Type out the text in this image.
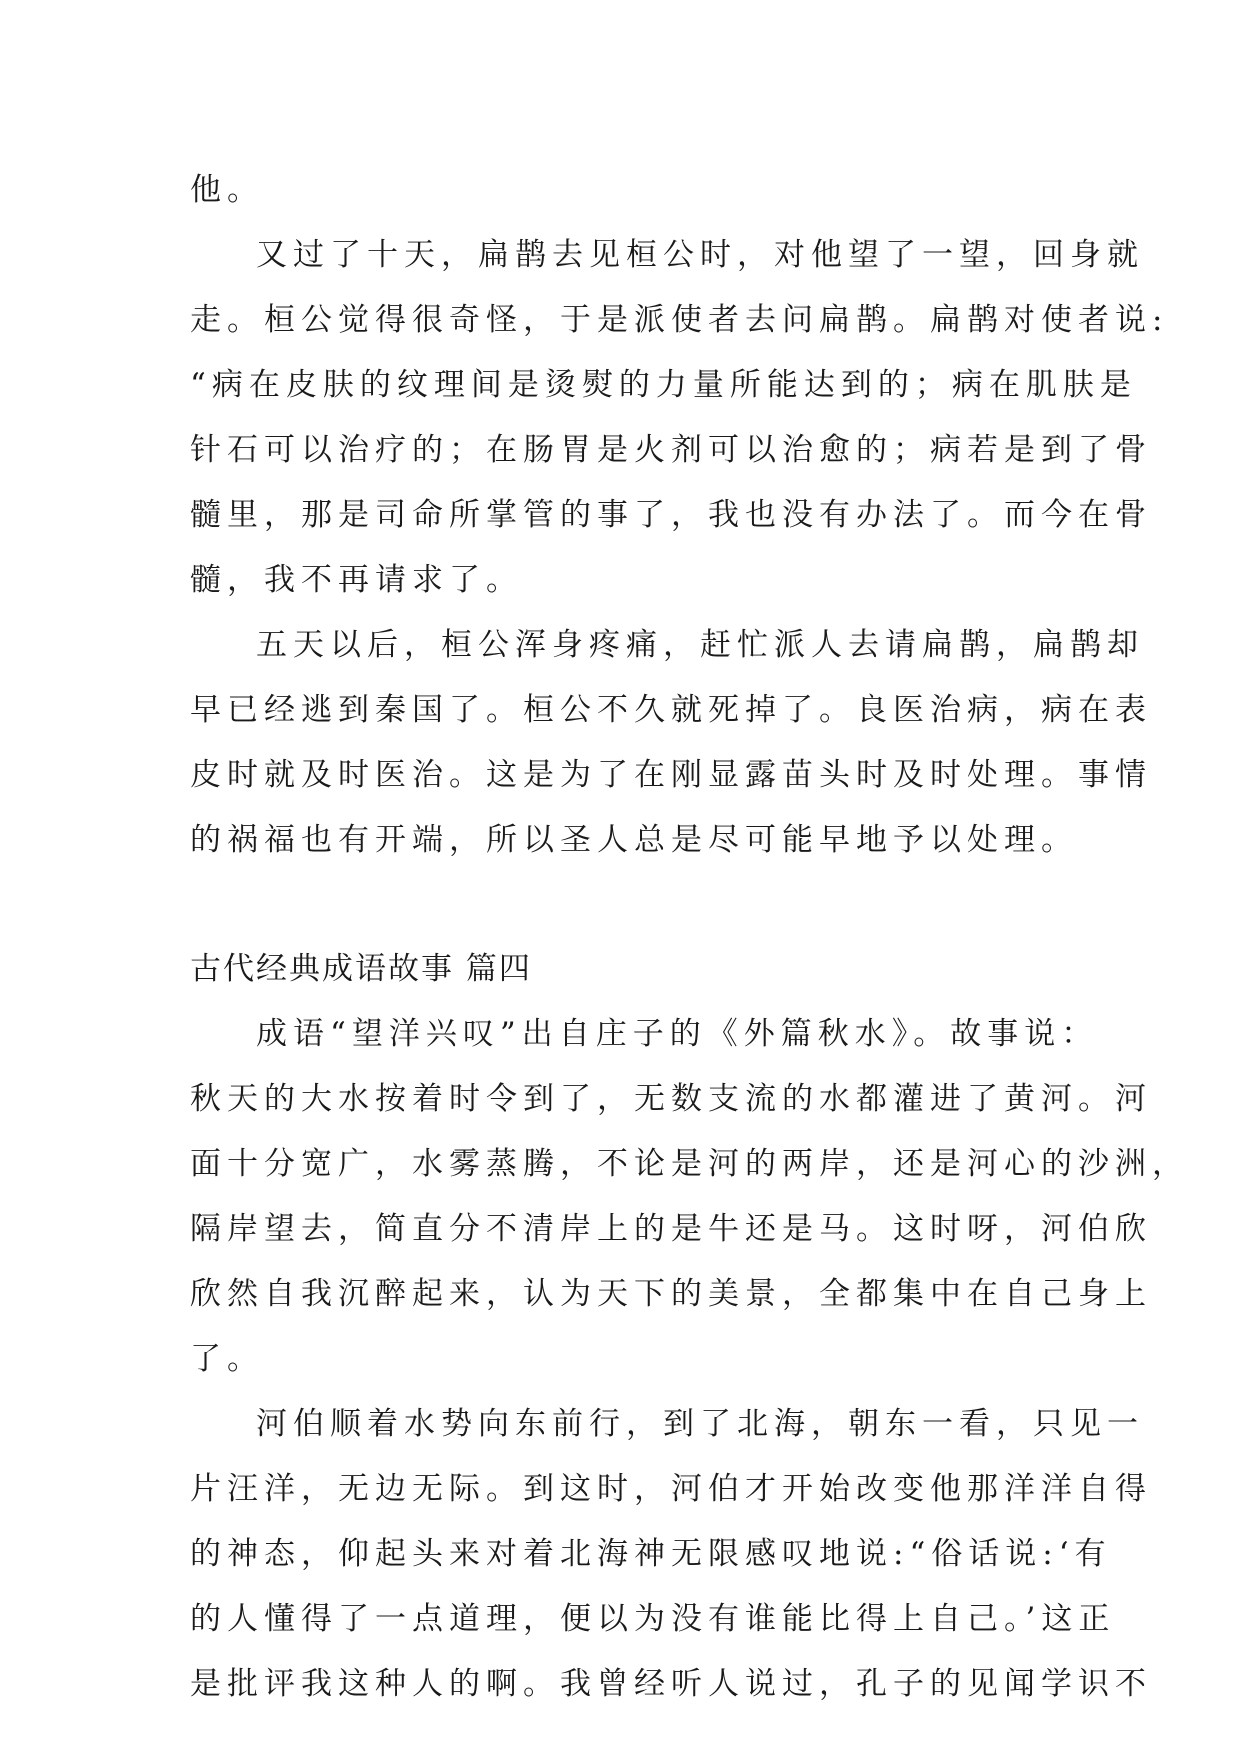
他。
又过了十天，扁鹊去见桓公时，对他望了一望，回身就
走。桓公觉得很奇怪，于是派使者去问扁鹊。扁鹊对使者说:
“病在皮肤的纹理间是烫熨的力量所能达到的；病在肌肤是
针石可以治疗的；在肠胃是火剂可以治愈的；病若是到了骨
髓里，那是司命所掌管的事了，我也没有办法了。而今在骨
髓，我不再请求了。
五天以后，桓公浑身疼痛，赶忙派人去请扁鹊，扁鹊却
早已经逃到秦国了。桓公不久就死掉了。良医治病，病在表
皮时就及时医治。这是为了在刚显露苗头时及时处理。事情
的祸福也有开端，所以圣人总是尽可能早地予以处理。
古代经典成语故事 篇四
成语“望洋兴叹”出自庄子的《外篇秋水》。故事说：
秋天的大水按着时令到了，无数支流的水都灌进了黄河。河
面十分宽广，水雾蒸腾，不论是河的两岸，还是河心的沙洲，
隔岸望去，简直分不清岸上的是牛还是马。这时呀，河伯欣
欣然自我沉醉起来，认为天下的美景，全都集中在自己身上
了。
河伯顺着水势向东前行，到了北海，朝东一看，只见一
片汪洋，无边无际。到这时，河伯才开始改变他那洋洋自得
的神态，仰起头来对着北海神无限感叹地说:“俗话说:‘有
的人懂得了一点道理，便以为没有谁能比得上自己。’这正
是批评我这种人的啊。我曾经听人说过，孔子的见闻学识不
